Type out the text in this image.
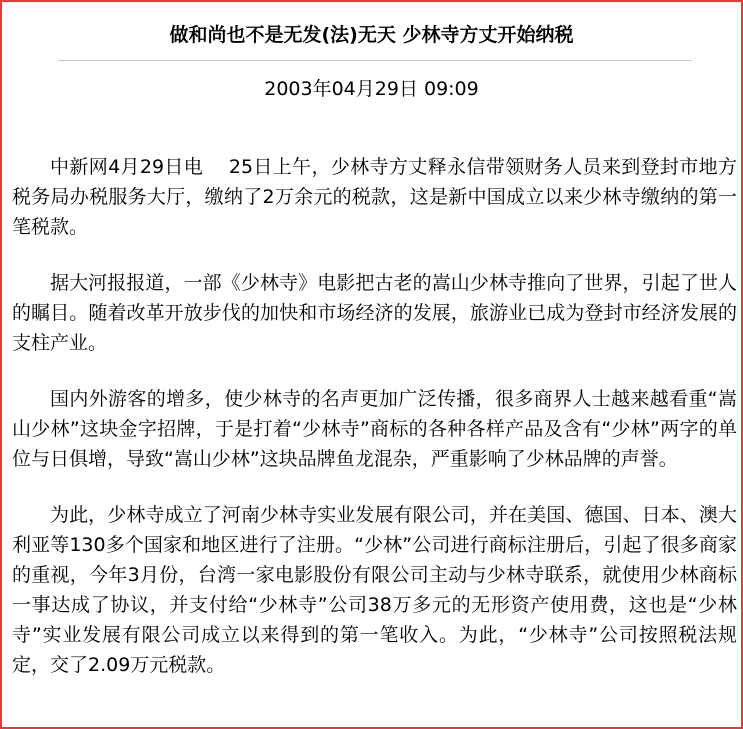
做和尚也不是无发(法)无天 少林寺方丈开始纳税
2003年04月29日 09:09

中新网4月29日电　 25日上午，少林寺方丈释永信带领财务人员来到登封市地方税务局办税服务大厅，缴纳了2万余元的税款，这是新中国成立以来少林寺缴纳的第一笔税款。

据大河报报道，一部《少林寺》电影把古老的嵩山少林寺推向了世界，引起了世人的瞩目。随着改革开放步伐的加快和市场经济的发展，旅游业已成为登封市经济发展的支柱产业。

国内外游客的增多，使少林寺的名声更加广泛传播，很多商界人士越来越看重“嵩山少林”这块金字招牌，于是打着“少林寺”商标的各种各样产品及含有“少林”两字的单位与日俱增，导致“嵩山少林”这块品牌鱼龙混杂，严重影响了少林品牌的声誉。

为此，少林寺成立了河南少林寺实业发展有限公司，并在美国、德国、日本、澳大利亚等130多个国家和地区进行了注册。“少林”公司进行商标注册后，引起了很多商家的重视，今年3月份，台湾一家电影股份有限公司主动与少林寺联系，就使用少林商标一事达成了协议，并支付给“少林寺”公司38万多元的无形资产使用费，这也是“少林寺”实业发展有限公司成立以来得到的第一笔收入。为此，“少林寺”公司按照税法规定，交了2.09万元税款。
